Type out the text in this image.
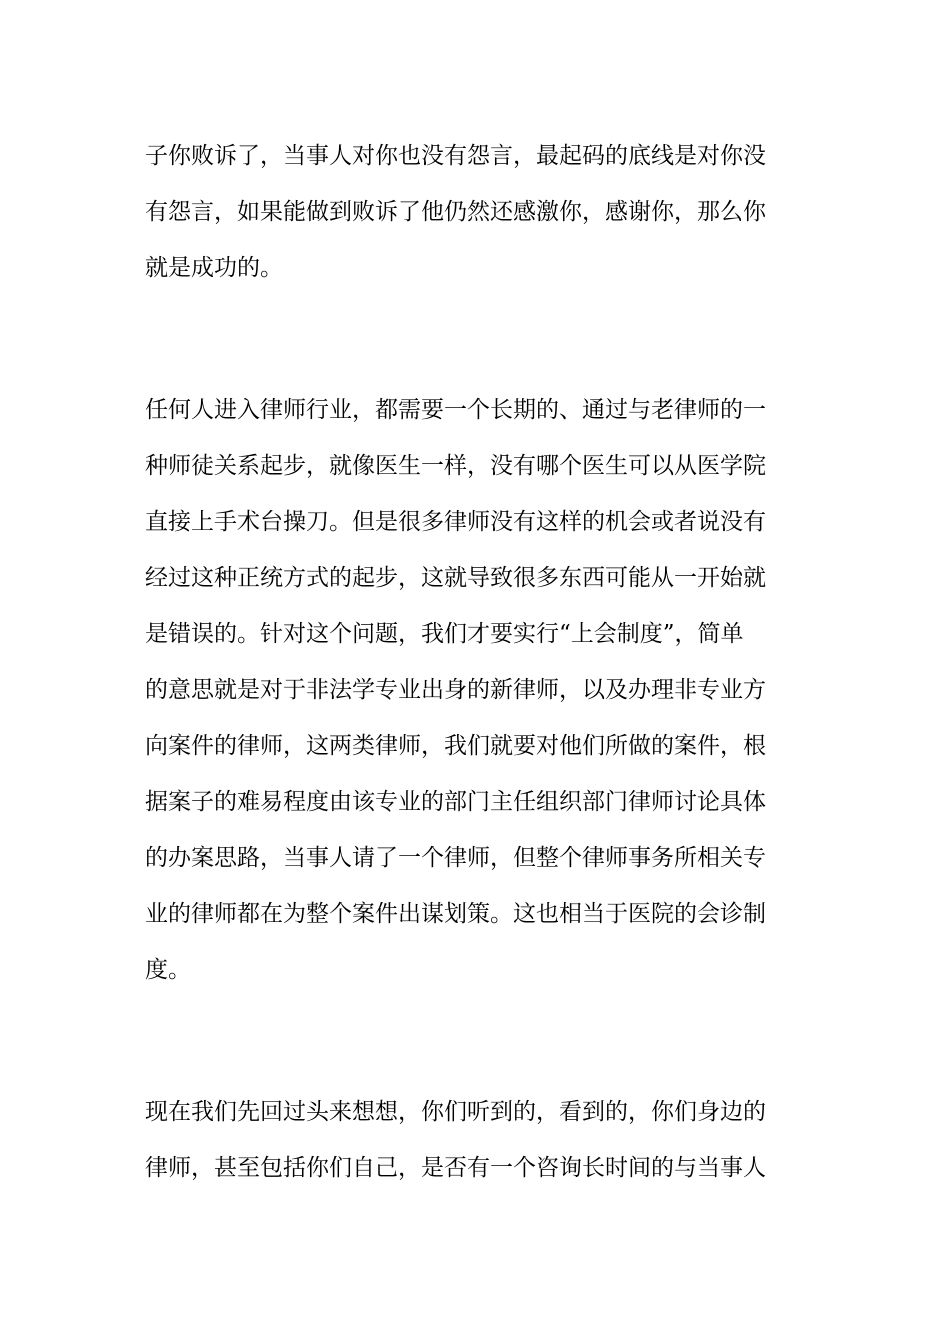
子你败诉了，当事人对你也没有怨言，最起码的底线是对你没
有怨言，如果能做到败诉了他仍然还感激你，感谢你，那么你
就是成功的。
任何人进入律师行业，都需要一个长期的、通过与老律师的一
种师徒关系起步，就像医生一样，没有哪个医生可以从医学院
直接上手术台操刀。但是很多律师没有这样的机会或者说没有
经过这种正统方式的起步，这就导致很多东西可能从一开始就
是错误的。针对这个问题，我们才要实行“上会制度”，简单
的意思就是对于非法学专业出身的新律师，以及办理非专业方
向案件的律师，这两类律师，我们就要对他们所做的案件，根
据案子的难易程度由该专业的部门主任组织部门律师讨论具体
的办案思路，当事人请了一个律师，但整个律师事务所相关专
业的律师都在为整个案件出谋划策。这也相当于医院的会诊制
度。
现在我们先回过头来想想，你们听到的，看到的，你们身边的
律师，甚至包括你们自己，是否有一个咨询长时间的与当事人
